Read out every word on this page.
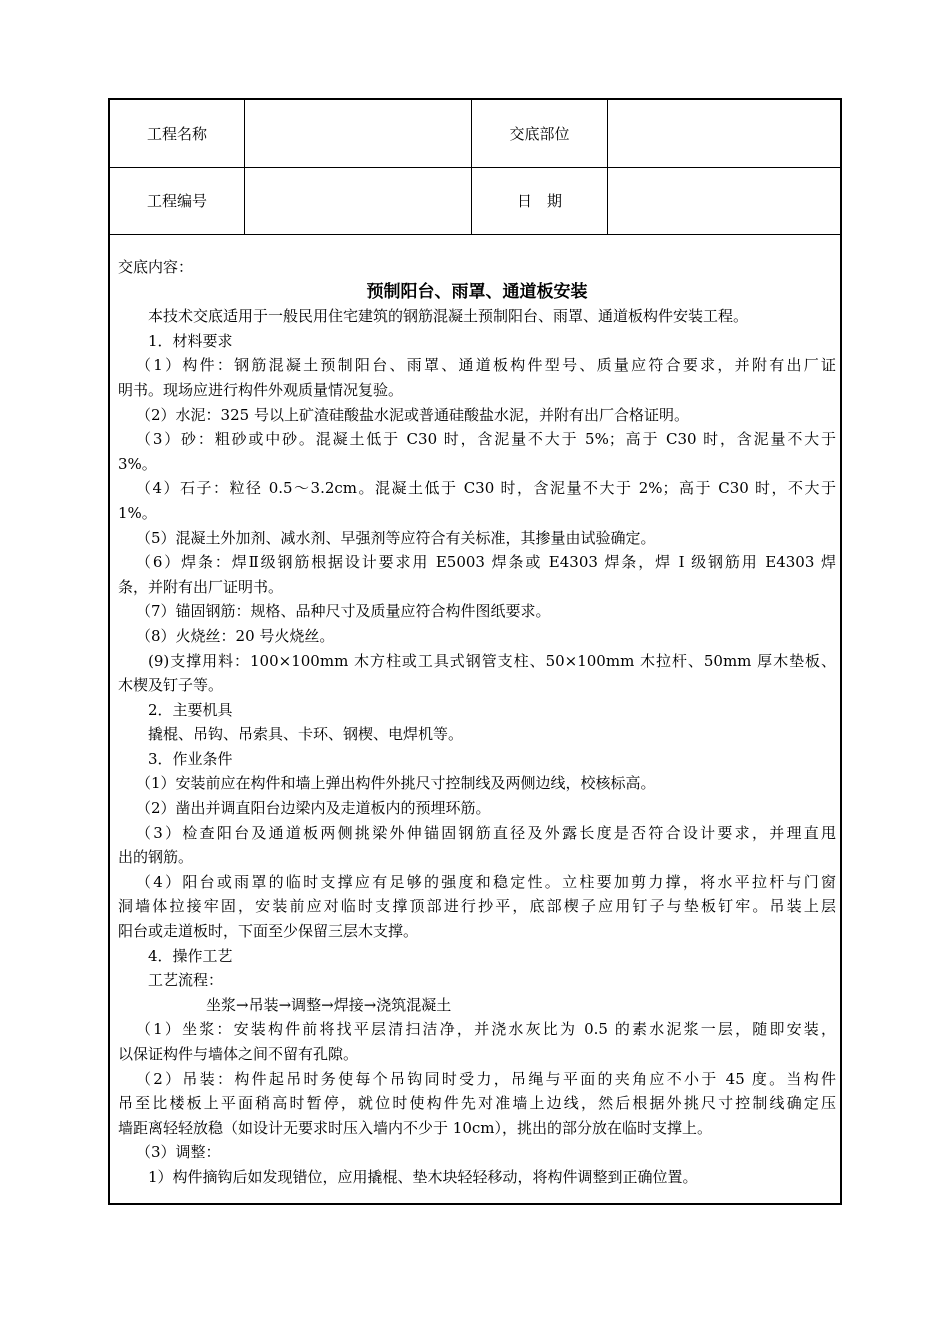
工程名称	交底部位
工程编号	日　期
交底内容：
预制阳台、雨罩、通道板安装
本技术交底适用于一般民用住宅建筑的钢筋混凝土预制阳台、雨罩、通道板构件安装工程。
1．材料要求
（1）构件：钢筋混凝土预制阳台、雨罩、通道板构件型号、质量应符合要求，并附有出厂证
明书。现场应进行构件外观质量情况复验。
（2）水泥：325 号以上矿渣硅酸盐水泥或普通硅酸盐水泥，并附有出厂合格证明。
（3）砂：粗砂或中砂。混凝土低于 C30 时，含泥量不大于 5%；高于 C30 时，含泥量不大于
3%。
（4）石子：粒径 0.5～3.2cm。混凝土低于 C30 时，含泥量不大于 2%；高于 C30 时，不大于
1%。
（5）混凝土外加剂、减水剂、早强剂等应符合有关标准，其掺量由试验确定。
（6）焊条：焊Ⅱ级钢筋根据设计要求用 E5003 焊条或 E4303 焊条，焊 I 级钢筋用 E4303 焊
条，并附有出厂证明书。
（7）锚固钢筋：规格、品种尺寸及质量应符合构件图纸要求。
（8）火烧丝：20 号火烧丝。
(9)支撑用料：100×100mm 木方柱或工具式钢管支柱、50×100mm 木拉杆、50mm 厚木垫板、
木楔及钉子等。
2．主要机具
撬棍、吊钩、吊索具、卡环、钢楔、电焊机等。
3．作业条件
（1）安装前应在构件和墙上弹出构件外挑尺寸控制线及两侧边线，校核标高。
（2）凿出并调直阳台边梁内及走道板内的预埋环筋。
（3）检查阳台及通道板两侧挑梁外伸锚固钢筋直径及外露长度是否符合设计要求，并理直甩
出的钢筋。
（4）阳台或雨罩的临时支撑应有足够的强度和稳定性。立柱要加剪力撑，将水平拉杆与门窗
洞墙体拉接牢固，安装前应对临时支撑顶部进行抄平，底部楔子应用钉子与垫板钉牢。吊装上层
阳台或走道板时，下面至少保留三层木支撑。
4．操作工艺
工艺流程：
坐浆→吊装→调整→焊接→浇筑混凝土
（1）坐浆：安装构件前将找平层清扫洁净，并浇水灰比为 0.5 的素水泥浆一层，随即安装，
以保证构件与墙体之间不留有孔隙。
（2）吊装：构件起吊时务使每个吊钩同时受力，吊绳与平面的夹角应不小于 45 度。当构件
吊至比楼板上平面稍高时暂停，就位时使构件先对准墙上边线，然后根据外挑尺寸控制线确定压
墙距离轻轻放稳（如设计无要求时压入墙内不少于 10cm），挑出的部分放在临时支撑上。
（3）调整：
1）构件摘钩后如发现错位，应用撬棍、垫木块轻轻移动，将构件调整到正确位置。
